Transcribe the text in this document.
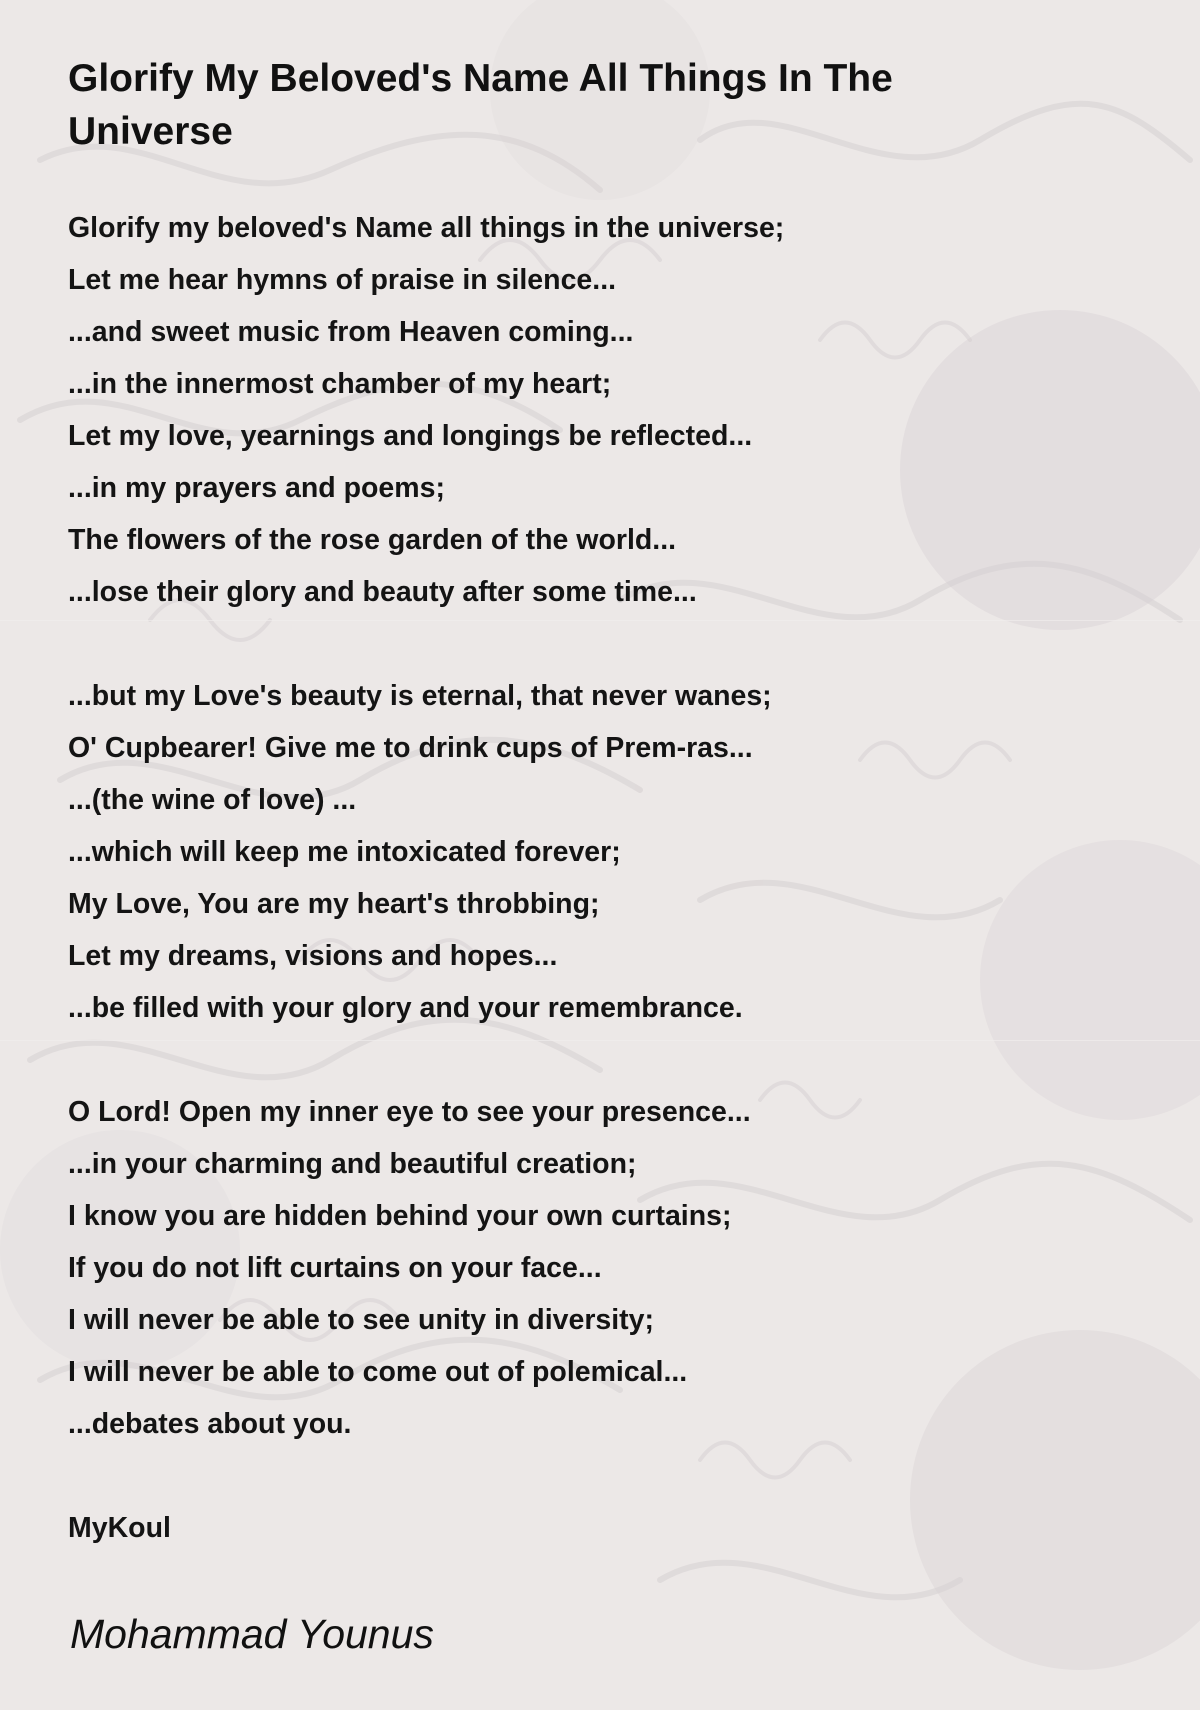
Glorify My Beloved's Name All Things In The Universe
Glorify my beloved's Name all things in the universe;
Let me hear hymns of praise in silence...
...and sweet music from Heaven coming...
...in the innermost chamber of my heart;
Let my love, yearnings and longings be reflected...
...in my prayers and poems;
The flowers of the rose garden of the world...
...lose their glory and beauty after some time...
...but my Love's beauty is eternal, that never wanes;
O' Cupbearer! Give me to drink cups of Prem-ras...
...(the wine of love) ...
...which will keep me intoxicated forever;
My Love, You are my heart's throbbing;
Let my dreams, visions and hopes...
...be filled with your glory and your remembrance.
O Lord! Open my inner eye to see your presence...
...in your charming and beautiful creation;
I know you are hidden behind your own curtains;
If you do not lift curtains on your face...
I will never be able to see unity in diversity;
I will never be able to come out of polemical...
...debates about you.
MyKoul
Mohammad Younus
